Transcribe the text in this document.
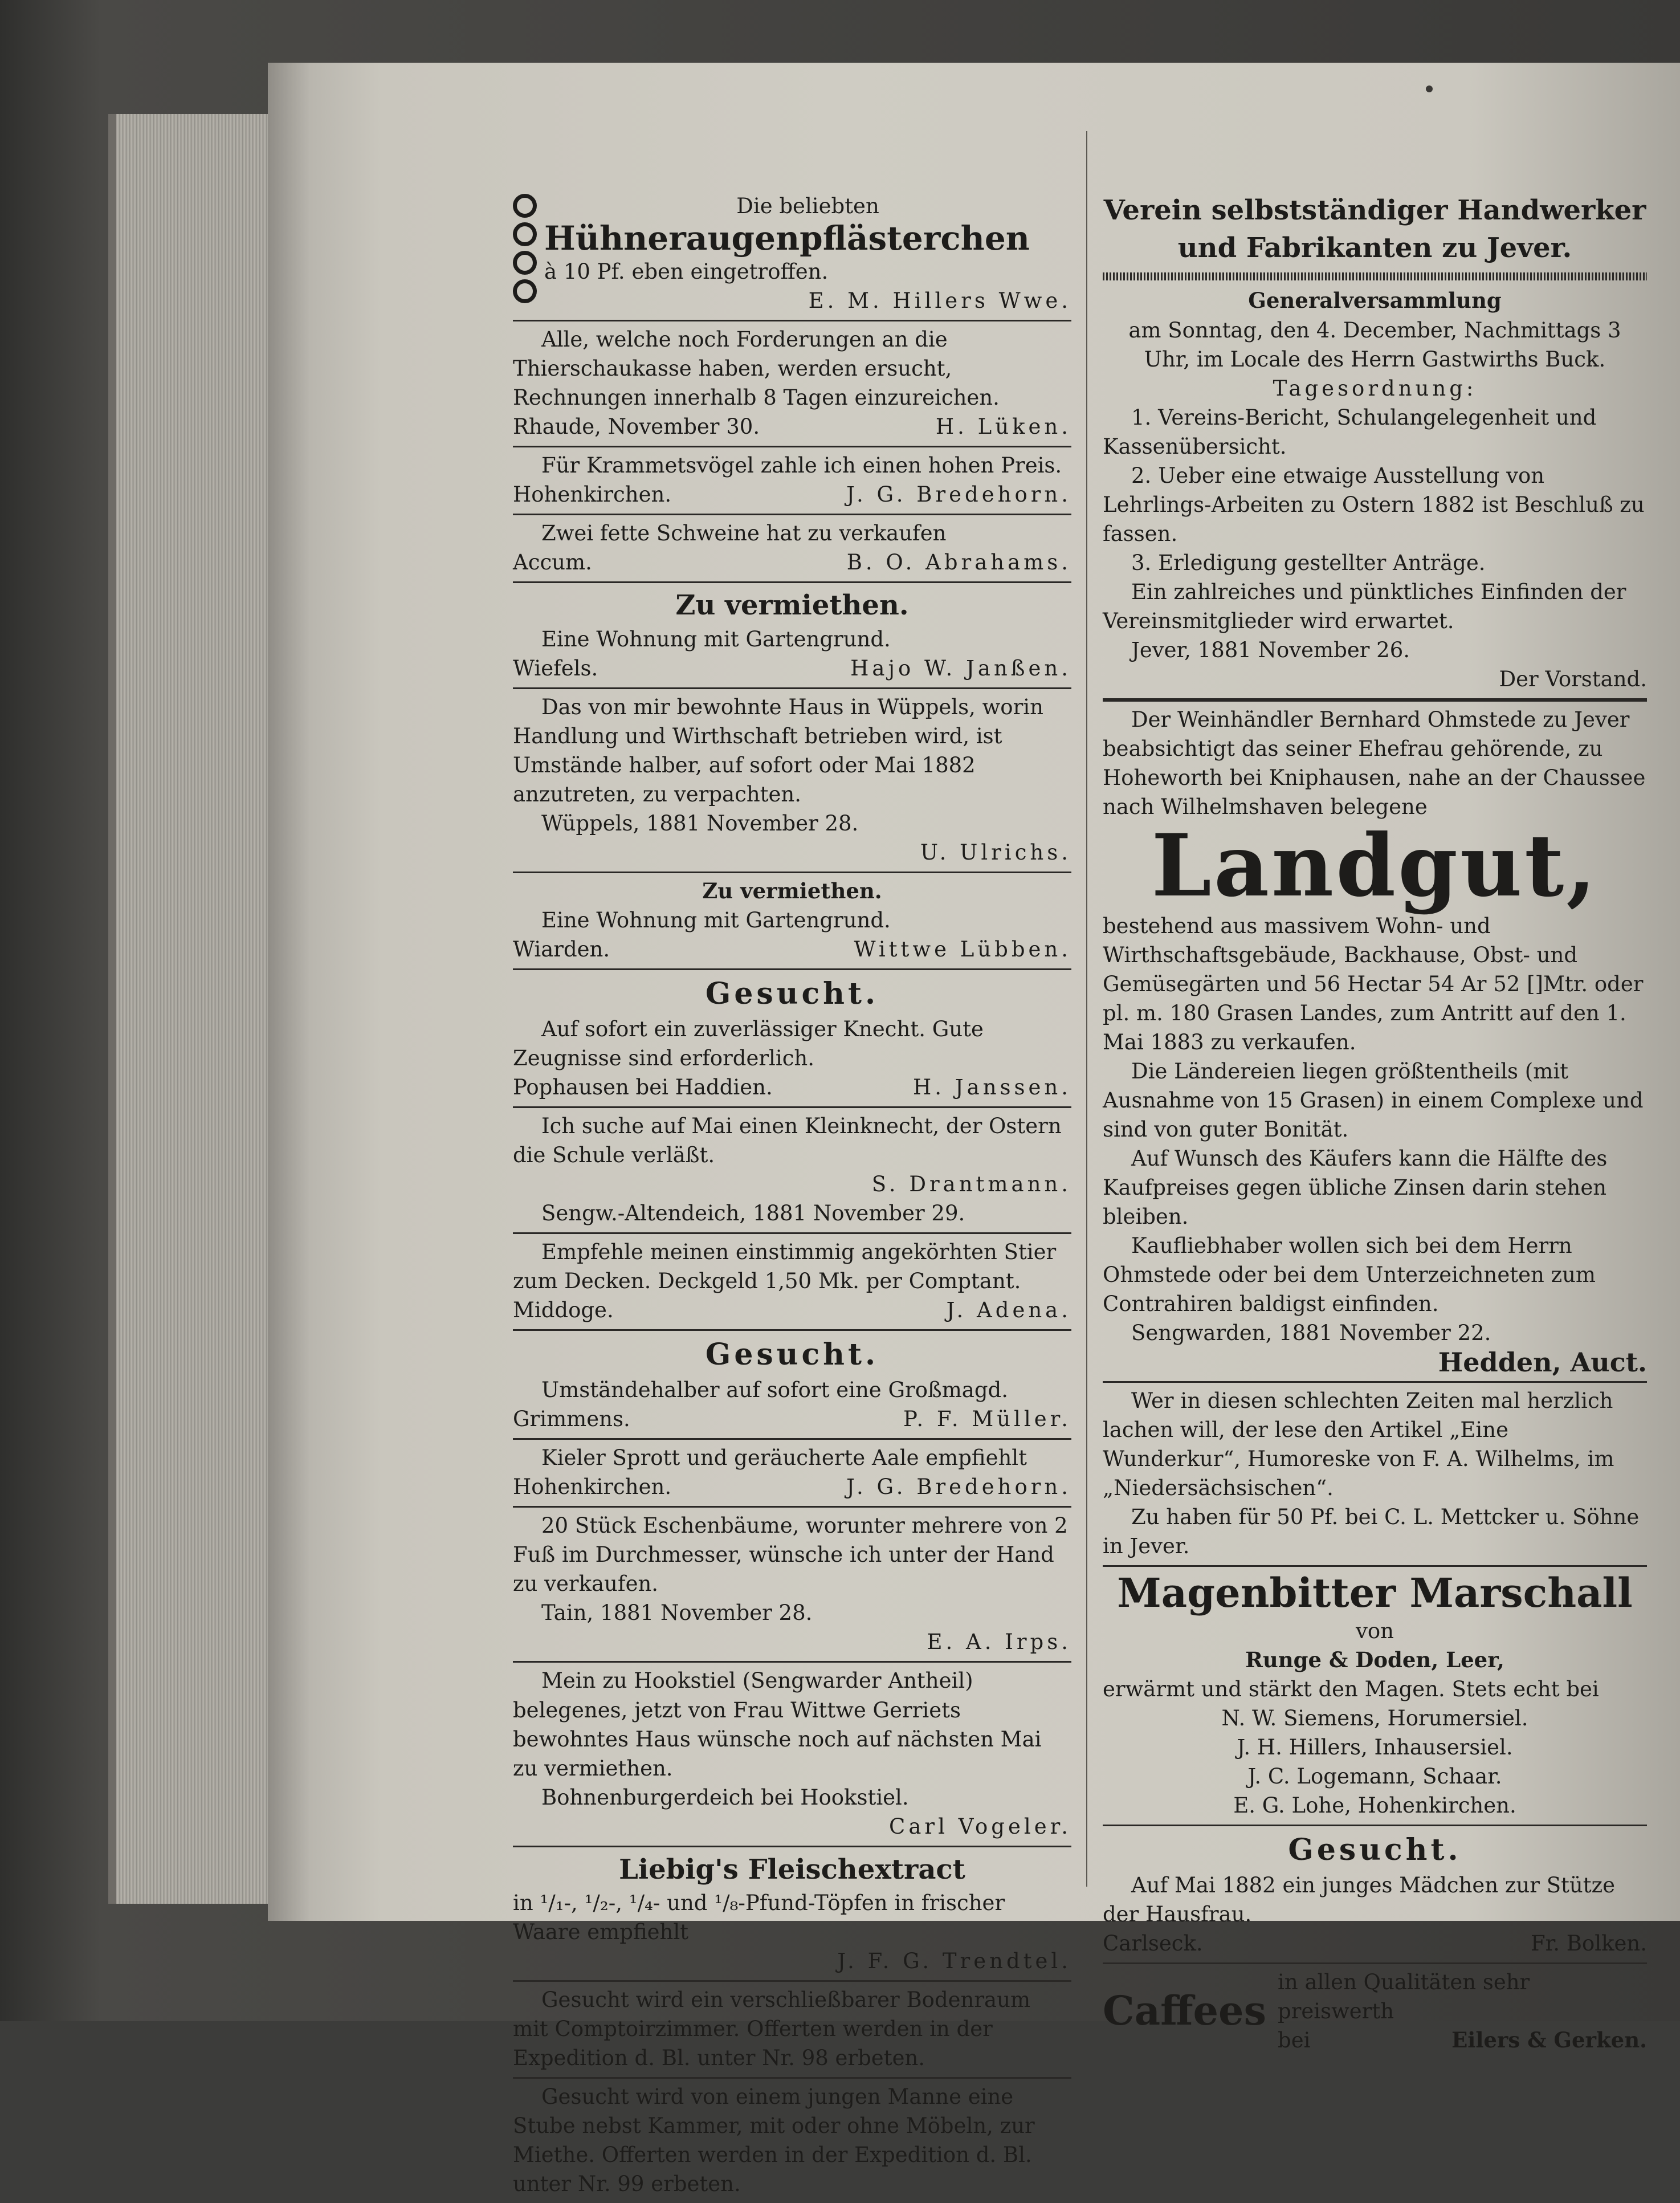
Die beliebten

Hühneraugenpflästerchen

à 10 Pf. eben eingetroffen.

E. M. Hillers Wwe.

Alle, welche noch Forderungen an die Thierschaukasse haben, werden ersucht, Rechnungen innerhalb 8 Tagen einzureichen.

Rhaude, November 30.	H. Lüken.

Für Krammetsvögel zahle ich einen hohen Preis.

Hohenkirchen.	J. G. Bredehorn.

Zwei fette Schweine hat zu verkaufen

Accum.	B. O. Abrahams.

Zu vermiethen.

Eine Wohnung mit Gartengrund.

Wiefels.	Hajo W. Janßen.

Das von mir bewohnte Haus in Wüppels, worin Handlung und Wirthschaft betrieben wird, ist Umstände halber, auf sofort oder Mai 1882 anzutreten, zu verpachten.

Wüppels, 1881 November 28.

U. Ulrichs.

Zu vermiethen.

Eine Wohnung mit Gartengrund.

Wiarden.	Wittwe Lübben.

Gesucht.

Auf sofort ein zuverlässiger Knecht. Gute Zeugnisse sind erforderlich.

Pophausen bei Haddien.	H. Janssen.

Ich suche auf Mai einen Kleinknecht, der Ostern die Schule verläßt.

S. Drantmann.

Sengw.-Altendeich, 1881 November 29.

Empfehle meinen einstimmig angekörhten Stier zum Decken. Deckgeld 1,50 Mk. per Comptant.

Middoge.	J. Adena.

Gesucht.

Umständehalber auf sofort eine Großmagd.

Grimmens.	P. F. Müller.

Kieler Sprott und geräucherte Aale empfiehlt

Hohenkirchen.	J. G. Bredehorn.

20 Stück Eschenbäume, worunter mehrere von 2 Fuß im Durchmesser, wünsche ich unter der Hand zu verkaufen.

Tain, 1881 November 28.

E. A. Irps.

Mein zu Hookstiel (Sengwarder Antheil) belegenes, jetzt von Frau Wittwe Gerriets bewohntes Haus wünsche noch auf nächsten Mai zu vermiethen.

Bohnenburgerdeich bei Hookstiel.

Carl Vogeler.

Liebig's Fleischextract

in ¹/₁-, ¹/₂-, ¹/₄- und ¹/₈-Pfund-Töpfen in frischer Waare empfiehlt

J. F. G. Trendtel.

Gesucht wird ein verschließbarer Bodenraum mit Comptoirzimmer. Offerten werden in der Expedition d. Bl. unter Nr. 98 erbeten.

Gesucht wird von einem jungen Manne eine Stube nebst Kammer, mit oder ohne Möbeln, zur Miethe. Offerten werden in der Expedition d. Bl. unter Nr. 99 erbeten.

Verein selbstständiger Handwerker und Fabrikanten zu Jever.

Generalversammlung

am Sonntag, den 4. December, Nachmittags 3 Uhr, im Locale des Herrn Gastwirths Buck.

Tagesordnung:

1. Vereins-Bericht, Schulangelegenheit und Kassenübersicht.

2. Ueber eine etwaige Ausstellung von Lehrlings-Arbeiten zu Ostern 1882 ist Beschluß zu fassen.

3. Erledigung gestellter Anträge.

Ein zahlreiches und pünktliches Einfinden der Vereinsmitglieder wird erwartet.

Jever, 1881 November 26.

Der Vorstand.

Der Weinhändler Bernhard Ohmstede zu Jever beabsichtigt das seiner Ehefrau gehörende, zu Hoheworth bei Kniphausen, nahe an der Chaussee nach Wilhelmshaven belegene

Landgut,

bestehend aus massivem Wohn- und Wirthschaftsgebäude, Backhause, Obst- und Gemüsegärten und 56 Hectar 54 Ar 52 []Mtr. oder pl. m. 180 Grasen Landes, zum Antritt auf den 1. Mai 1883 zu verkaufen.

Die Ländereien liegen größtentheils (mit Ausnahme von 15 Grasen) in einem Complexe und sind von guter Bonität.

Auf Wunsch des Käufers kann die Hälfte des Kaufpreises gegen übliche Zinsen darin stehen bleiben.

Kaufliebhaber wollen sich bei dem Herrn Ohmstede oder bei dem Unterzeichneten zum Contrahiren baldigst einfinden.

Sengwarden, 1881 November 22.

Hedden, Auct.

Wer in diesen schlechten Zeiten mal herzlich lachen will, der lese den Artikel „Eine Wunderkur“, Humoreske von F. A. Wilhelms, im „Niedersächsischen“.

Zu haben für 50 Pf. bei C. L. Mettcker u. Söhne in Jever.

Magenbitter Marschall

von

Runge & Doden, Leer,

erwärmt und stärkt den Magen. Stets echt bei

N. W. Siemens, Horumersiel.

J. H. Hillers, Inhausersiel.

J. C. Logemann, Schaar.

E. G. Lohe, Hohenkirchen.

Gesucht.

Auf Mai 1882 ein junges Mädchen zur Stütze der Hausfrau.

Carlseck.	Fr. Bolken.
Caffees

in allen Qualitäten sehr preiswerth

bei	Eilers & Gerken.
